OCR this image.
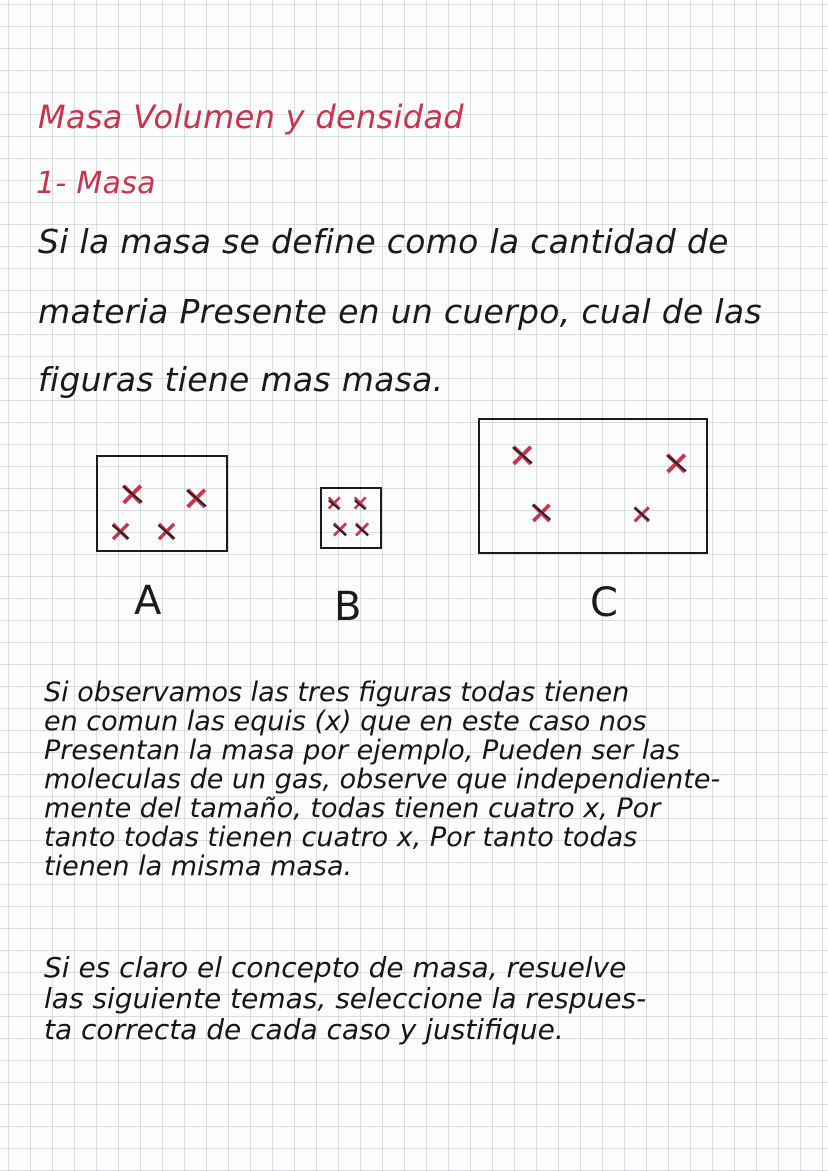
Masa Volumen y densidad
1- Masa
Si la masa se define como la cantidad de
materia Presente en un cuerpo, cual de las
figuras tiene mas masa.
× ×
× ×
A
× ×
× ×
B
×	×
×	×
C
Si observamos las tres figuras todas tienen
en comun las equis (x) que en este caso nos
Presentan la masa por ejemplo, Pueden ser las
moleculas de un gas, observe que independiente-
mente del tamaño, todas tienen cuatro x, Por
tanto todas tienen cuatro x, Por tanto todas
tienen la misma masa.
Si es claro el concepto de masa, resuelve
las siguiente temas, seleccione la respues-
ta correcta de cada caso y justifique.
